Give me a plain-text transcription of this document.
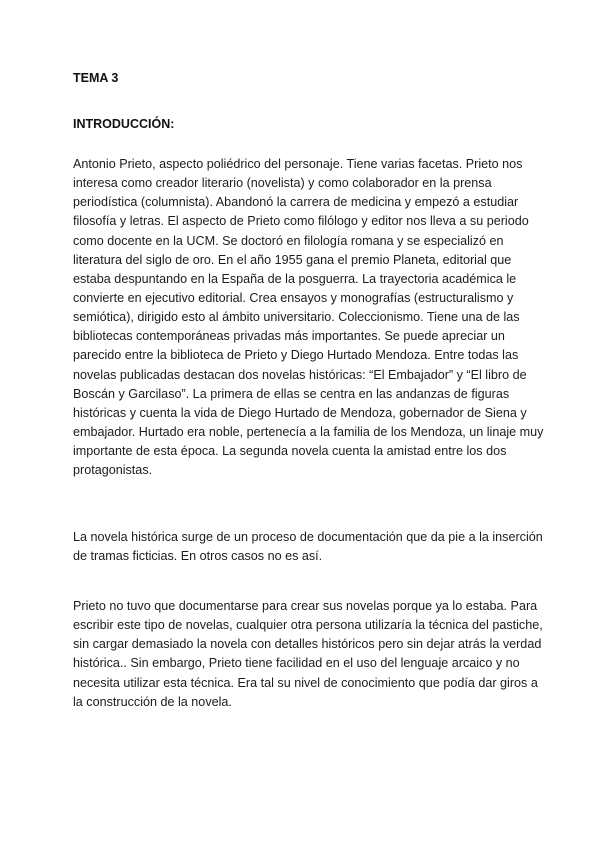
TEMA 3
INTRODUCCIÓN:
Antonio Prieto, aspecto poliédrico del personaje. Tiene varias facetas. Prieto nos
interesa como creador literario (novelista) y como colaborador en la prensa
periodística (columnista). Abandonó la carrera de medicina y empezó a estudiar
filosofía y letras. El aspecto de Prieto como filólogo y editor nos lleva a su periodo
como docente en la UCM. Se doctoró en filología romana y se especializó en
literatura del siglo de oro. En el año 1955 gana el premio Planeta, editorial que
estaba despuntando en la España de la posguerra. La trayectoria académica le
convierte en ejecutivo editorial. Crea ensayos y monografías (estructuralismo y
semiótica), dirigido esto al ámbito universitario. Coleccionismo. Tiene una de las
bibliotecas contemporáneas privadas más importantes. Se puede apreciar un
parecido entre la biblioteca de Prieto y Diego Hurtado Mendoza. Entre todas las
novelas publicadas destacan dos novelas históricas: “El Embajador” y “El libro de
Boscán y Garcilaso”. La primera de ellas se centra en las andanzas de figuras
históricas y cuenta la vida de Diego Hurtado de Mendoza, gobernador de Siena y
embajador. Hurtado era noble, pertenecía a la familia de los Mendoza, un linaje muy
importante de esta época. La segunda novela cuenta la amistad entre los dos
protagonistas.
La novela histórica surge de un proceso de documentación que da pie a la inserción
de tramas ficticias. En otros casos no es así.
Prieto no tuvo que documentarse para crear sus novelas porque ya lo estaba. Para
escribir este tipo de novelas, cualquier otra persona utilizaría la técnica del pastiche,
sin cargar demasiado la novela con detalles históricos pero sin dejar atrás la verdad
histórica.. Sin embargo, Prieto tiene facilidad en el uso del lenguaje arcaico y no
necesita utilizar esta técnica. Era tal su nivel de conocimiento que podía dar giros a
la construcción de la novela.
